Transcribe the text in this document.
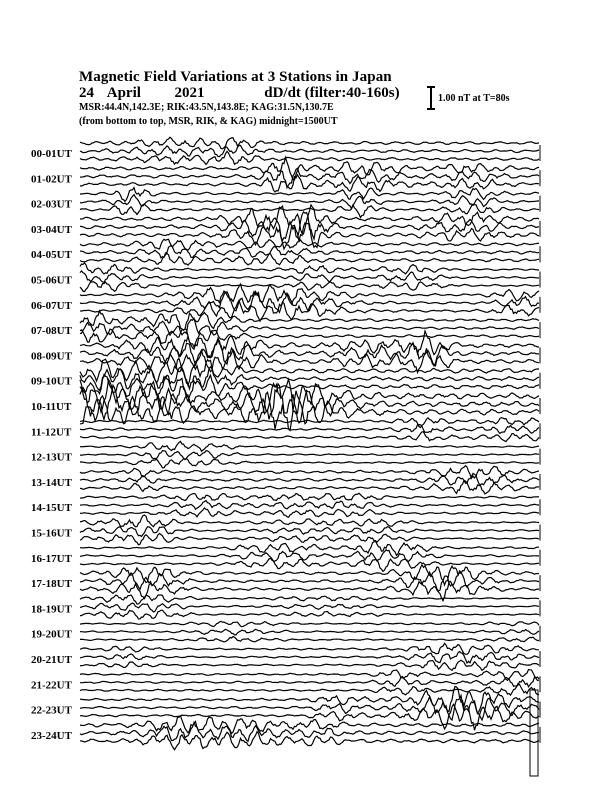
Magnetic Field Variations at 3 Stations in Japan
24 April 2021	dD/dt (filter:40-160s)
MSR:44.4N,142.3E; RIK:43.5N,143.8E; KAG:31.5N,130.7E
(from bottom to top, MSR, RIK, & KAG) midnight=1500UT
1.00 nT at T=80s
00-01UT
01-02UT
02-03UT
03-04UT
04-05UT
05-06UT
06-07UT
07-08UT
08-09UT
09-10UT
10-11UT
11-12UT
12-13UT
13-14UT
14-15UT
15-16UT
16-17UT
17-18UT
18-19UT
19-20UT
20-21UT
21-22UT
22-23UT
23-24UT
